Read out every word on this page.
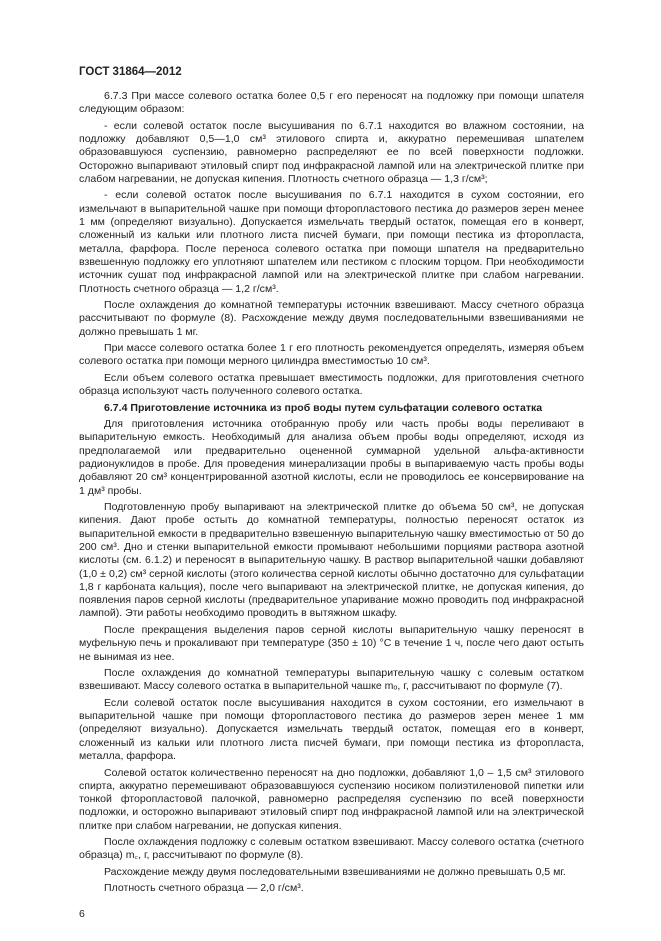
ГОСТ 31864—2012

6.7.3 При массе солевого остатка более 0,5 г его переносят на подложку при помощи шпателя следующим образом:

- если солевой остаток после высушивания по 6.7.1 находится во влажном состоянии, на подложку добавляют 0,5—1,0 см³ этилового спирта и, аккуратно перемешивая шпателем образовавшуюся суспензию, равномерно распределяют ее по всей поверхности подложки. Осторожно выпаривают этиловый спирт под инфракрасной лампой или на электрической плитке при слабом нагревании, не допуская кипения. Плотность счетного образца — 1,3 г/см³;

- если солевой остаток после высушивания по 6.7.1 находится в сухом состоянии, его измельчают в выпарительной чашке при помощи фторопластового пестика до размеров зерен менее 1 мм (определяют визуально). Допускается измельчать твердый остаток, помещая его в конверт, сложенный из кальки или плотного листа писчей бумаги, при помощи пестика из фторопласта, металла, фарфора. После переноса солевого остатка при помощи шпателя на предварительно взвешенную подложку его уплотняют шпателем или пестиком с плоским торцом. При необходимости источник сушат под инфракрасной лампой или на электрической плитке при слабом нагревании. Плотность счетного образца — 1,2 г/см³.

После охлаждения до комнатной температуры источник взвешивают. Массу счетного образца рассчитывают по формуле (8). Расхождение между двумя последовательными взвешиваниями не должно превышать 1 мг.

При массе солевого остатка более 1 г его плотность рекомендуется определять, измеряя объем солевого остатка при помощи мерного цилиндра вместимостью 10 см³.

Если объем солевого остатка превышает вместимость подложки, для приготовления счетного образца используют часть полученного солевого остатка.

6.7.4 Приготовление источника из проб воды путем сульфатации солевого остатка

Для приготовления источника отобранную пробу или часть пробы воды переливают в выпарительную емкость. Необходимый для анализа объем пробы воды определяют, исходя из предполагаемой или предварительно оцененной суммарной удельной альфа-активности радионуклидов в пробе. Для проведения минерализации пробы в выпариваемую часть пробы воды добавляют 20 см³ концентрированной азотной кислоты, если не проводилось ее консервирование на 1 дм³ пробы.

Подготовленную пробу выпаривают на электрической плитке до объема 50 см³, не допуская кипения. Дают пробе остыть до комнатной температуры, полностью переносят остаток из выпарительной емкости в предварительно взвешенную выпарительную чашку вместимостью от 50 до 200 см³. Дно и стенки выпарительной емкости промывают небольшими порциями раствора азотной кислоты (см. 6.1.2) и переносят в выпарительную чашку. В раствор выпарительной чашки добавляют (1,0 ± 0,2) см³ серной кислоты (этого количества серной кислоты обычно достаточно для сульфатации 1,8 г карбоната кальция), после чего выпаривают на электрической плитке, не допуская кипения, до появления паров серной кислоты (предварительное упаривание можно проводить под инфракрасной лампой). Эти работы необходимо проводить в вытяжном шкафу.

После прекращения выделения паров серной кислоты выпарительную чашку переносят в муфельную печь и прокаливают при температуре (350 ± 10) °С в течение 1 ч, после чего дают остыть не вынимая из нее.

После охлаждения до комнатной температуры выпарительную чашку с солевым остатком взвешивают. Массу солевого остатка в выпарительной чашке mₒ, г, рассчитывают по формуле (7).

Если солевой остаток после высушивания находится в сухом состоянии, его измельчают в выпарительной чашке при помощи фторопластового пестика до размеров зерен менее 1 мм (определяют визуально). Допускается измельчать твердый остаток, помещая его в конверт, сложенный из кальки или плотного листа писчей бумаги, при помощи пестика из фторопласта, металла, фарфора.

Солевой остаток количественно переносят на дно подложки, добавляют 1,0 – 1,5 см³ этилового спирта, аккуратно перемешивают образовавшуюся суспензию носиком полиэтиленовой пипетки или тонкой фторопластовой палочкой, равномерно распределяя суспензию по всей поверхности подложки, и осторожно выпаривают этиловый спирт под инфракрасной лампой или на электрической плитке при слабом нагревании, не допуская кипения.

После охлаждения подложку с солевым остатком взвешивают. Массу солевого остатка (счетного образца) m꜀, г, рассчитывают по формуле (8).

Расхождение между двумя последовательными взвешиваниями не должно превышать 0,5 мг.

Плотность счетного образца — 2,0 г/см³.

6
